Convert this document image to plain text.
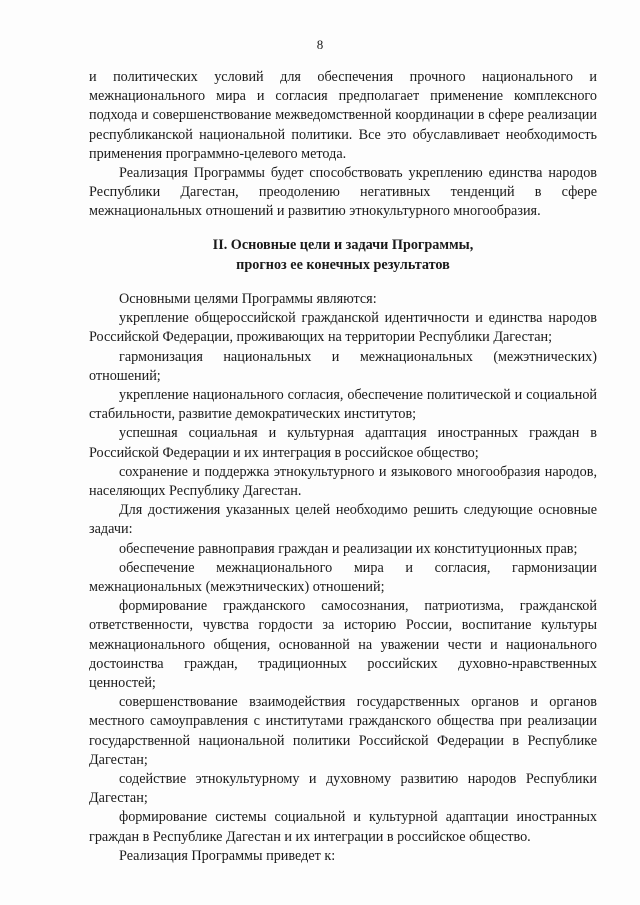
8

и политических условий для обеспечения прочного национального и межнационального мира и согласия предполагает применение комплексного подхода и совершенствование межведомственной координации в сфере реализации республиканской национальной политики. Все это обуславливает необходимость применения программно-целевого метода.

Реализация Программы будет способствовать укреплению единства народов Республики Дагестан, преодолению негативных тенденций в сфере межнациональных отношений и развитию этнокультурного многообразия.

II. Основные цели и задачи Программы,
прогноз ее конечных результатов

Основными целями Программы являются:

укрепление общероссийской гражданской идентичности и единства народов Российской Федерации, проживающих на территории Республики Дагестан;

гармонизация национальных и межнациональных (межэтнических) отношений;

укрепление национального согласия, обеспечение политической и социальной стабильности, развитие демократических институтов;

успешная социальная и культурная адаптация иностранных граждан в Российской Федерации и их интеграция в российское общество;

сохранение и поддержка этнокультурного и языкового многообразия народов, населяющих Республику Дагестан.

Для достижения указанных целей необходимо решить следующие основные задачи:

обеспечение равноправия граждан и реализации их конституционных прав;

обеспечение межнационального мира и согласия, гармонизации межнациональных (межэтнических) отношений;

формирование гражданского самосознания, патриотизма, гражданской ответственности, чувства гордости за историю России, воспитание культуры межнационального общения, основанной на уважении чести и национального достоинства граждан, традиционных российских духовно-нравственных ценностей;

совершенствование взаимодействия государственных органов и органов местного самоуправления с институтами гражданского общества при реализации государственной национальной политики Российской Федерации в Республике Дагестан;

содействие этнокультурному и духовному развитию народов Республики Дагестан;

формирование системы социальной и культурной адаптации иностранных граждан в Республике Дагестан и их интеграции в российское общество.

Реализация Программы приведет к:
